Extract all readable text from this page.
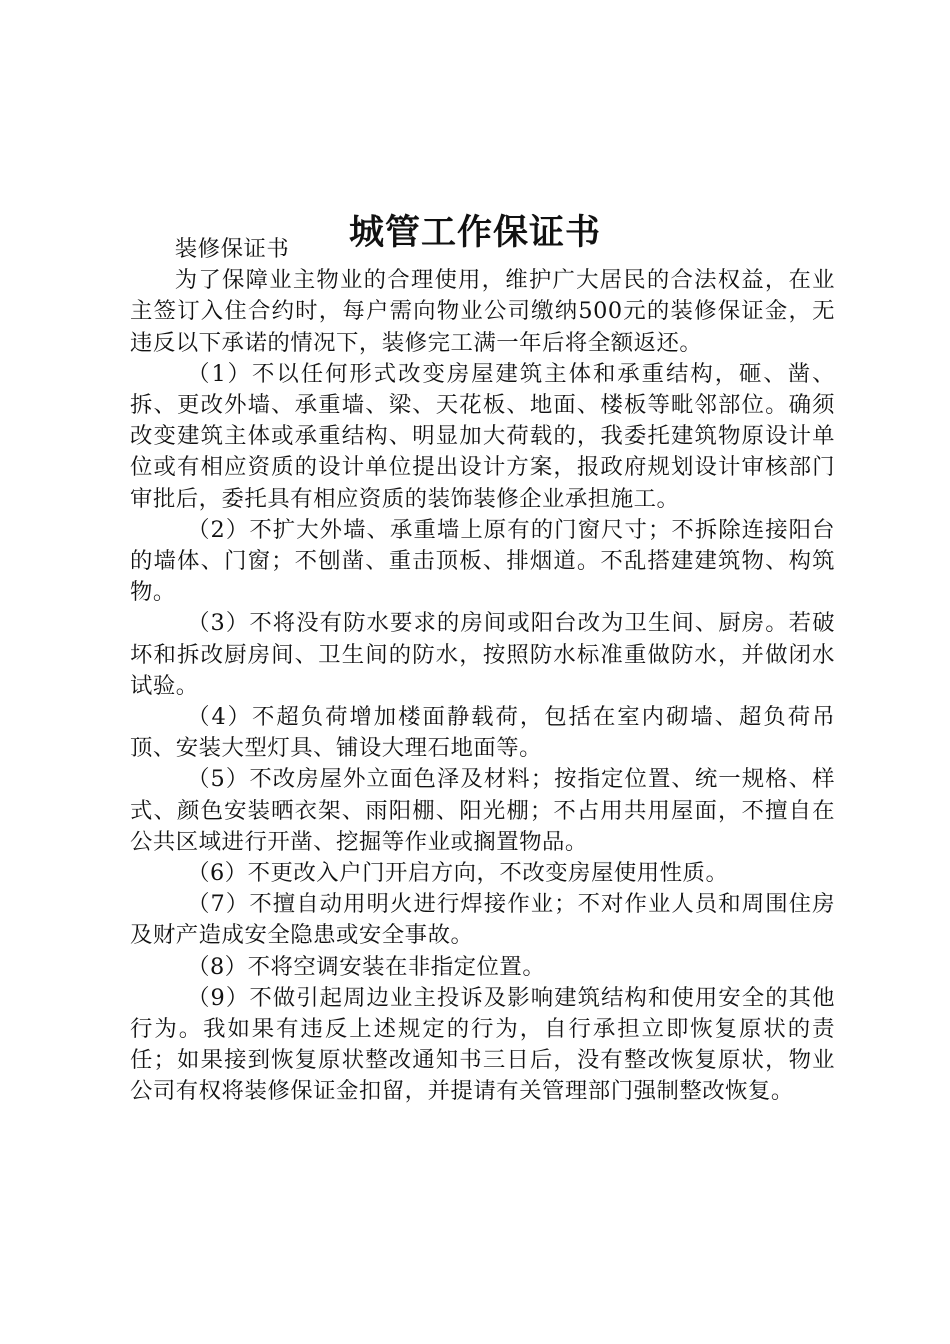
城管工作保证书

装修保证书

为了保障业主物业的合理使用，维护广大居民的合法权益，在业主签订入住合约时，每户需向物业公司缴纳500元的装修保证金，无违反以下承诺的情况下，装修完工满一年后将全额返还。

（1）不以任何形式改变房屋建筑主体和承重结构，砸、凿、拆、更改外墙、承重墙、梁、天花板、地面、楼板等毗邻部位。确须改变建筑主体或承重结构、明显加大荷载的，我委托建筑物原设计单位或有相应资质的设计单位提出设计方案，报政府规划设计审核部门审批后，委托具有相应资质的装饰装修企业承担施工。

（2）不扩大外墙、承重墙上原有的门窗尺寸；不拆除连接阳台的墙体、门窗；不刨凿、重击顶板、排烟道。不乱搭建建筑物、构筑物。

（3）不将没有防水要求的房间或阳台改为卫生间、厨房。若破坏和拆改厨房间、卫生间的防水，按照防水标准重做防水，并做闭水试验。

（4）不超负荷增加楼面静载荷，包括在室内砌墙、超负荷吊顶、安装大型灯具、铺设大理石地面等。

（5）不改房屋外立面色泽及材料；按指定位置、统一规格、样式、颜色安装晒衣架、雨阳棚、阳光棚；不占用共用屋面，不擅自在公共区域进行开凿、挖掘等作业或搁置物品。

（6）不更改入户门开启方向，不改变房屋使用性质。

（7）不擅自动用明火进行焊接作业；不对作业人员和周围住房及财产造成安全隐患或安全事故。

（8）不将空调安装在非指定位置。

（9）不做引起周边业主投诉及影响建筑结构和使用安全的其他行为。我如果有违反上述规定的行为，自行承担立即恢复原状的责任；如果接到恢复原状整改通知书三日后，没有整改恢复原状，物业公司有权将装修保证金扣留，并提请有关管理部门强制整改恢复。
